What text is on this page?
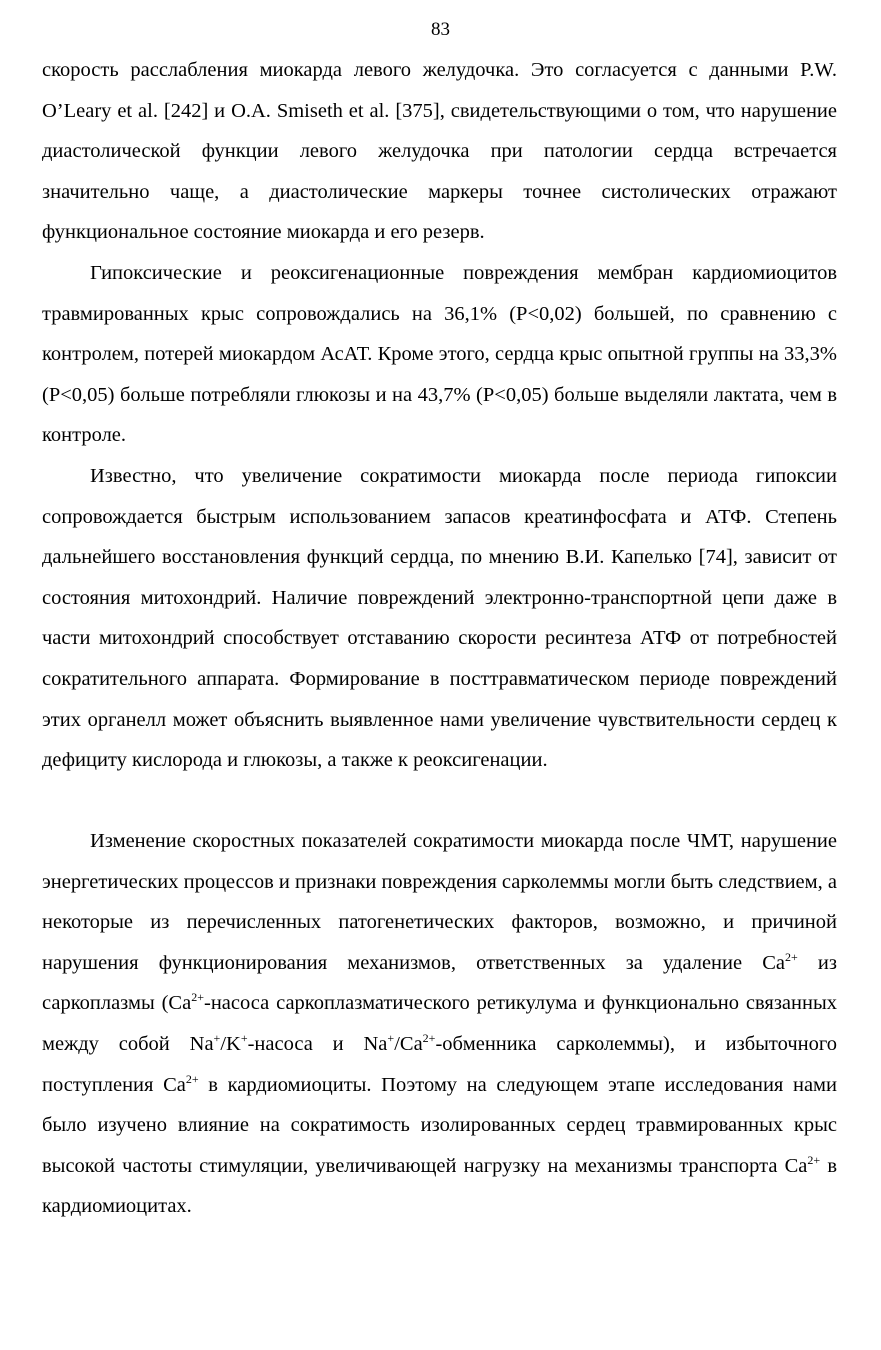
83

скорость расслабления миокарда левого желудочка. Это согласуется с данными P.W. O’Leary et al. [242] и O.A. Smiseth et al. [375], свидетельствующими о том, что нарушение диастолической функции левого желудочка при патологии сердца встречается значительно чаще, а диастолические маркеры точнее систолических отражают функциональное состояние миокарда и его резерв.

Гипоксические и реоксигенационные повреждения мембран кардиомиоцитов травмированных крыс сопровождались на 36,1% (Р<0,02) большей, по сравнению с контролем, потерей миокардом АсАТ. Кроме этого, сердца крыс опытной группы на 33,3% (Р<0,05) больше потребляли глюкозы и на 43,7% (Р<0,05) больше выделяли лактата, чем в контроле.

Известно, что увеличение сократимости миокарда после периода гипоксии сопровождается быстрым использованием запасов креатинфосфата и АТФ. Степень дальнейшего восстановления функций сердца, по мнению В.И. Капелько [74], зависит от состояния митохондрий. Наличие повреждений электронно-транспортной цепи даже в части митохондрий способствует отставанию скорости ресинтеза АТФ от потребностей сократительного аппарата. Формирование в посттравматическом периоде повреждений этих органелл может объяснить выявленное нами увеличение чувствительности сердец к дефициту кислорода и глюкозы, а также к реоксигенации.

Изменение скоростных показателей сократимости миокарда после ЧМТ, нарушение энергетических процессов и признаки повреждения сарколеммы могли быть следствием, а некоторые из перечисленных патогенетических факторов, возможно, и причиной нарушения функционирования механизмов, ответственных за удаление $Ca^{2+}$ из саркоплазмы ($Ca^{2+}$-насоса саркоплазматического ретикулума и функционально связанных между собой Na+/K+-насоса и $Na^+/Ca^{2+}$-обменника сарколеммы), и избыточного поступления $Ca^{2+}$ в кардиомиоциты. Поэтому на следующем этапе исследования нами было изучено влияние на сократимость изолированных сердец травмированных крыс высокой частоты стимуляции, увеличивающей нагрузку на механизмы транспорта $Ca^{2+}$ в кардиомиоцитах.
